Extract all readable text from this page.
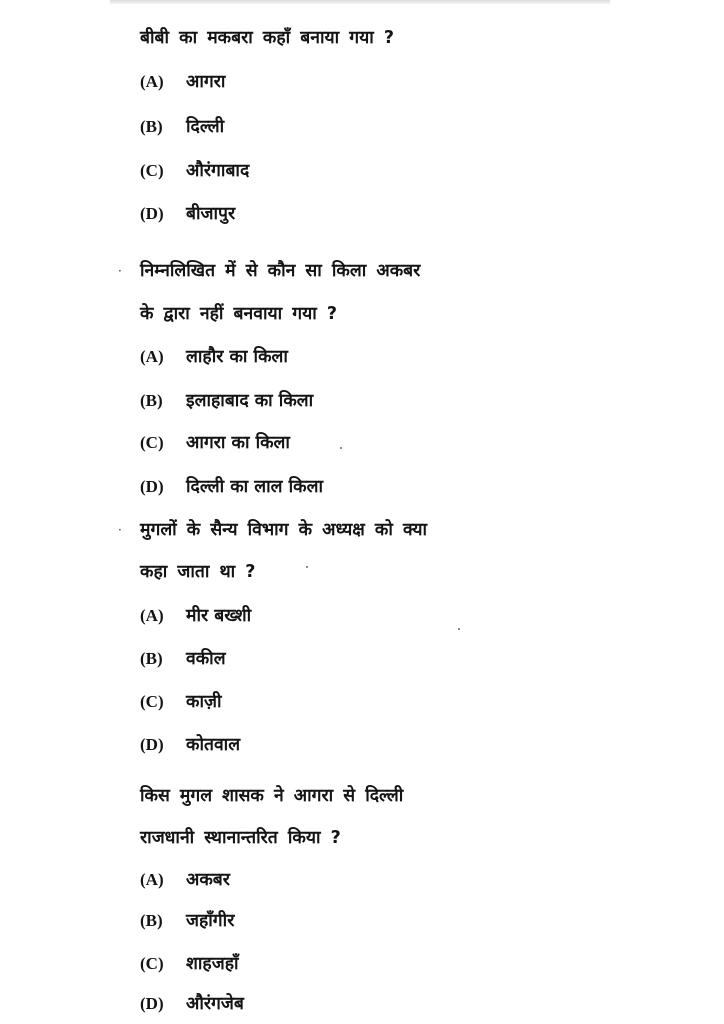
बीबी का मकबरा कहाँ बनाया गया ?
(A) आगरा
(B) दिल्ली
(C) औरंगाबाद
(D) बीजापुर
· निम्नलिखित में से कौन सा किला अकबर
के द्वारा नहीं बनवाया गया ?
(A) लाहौर का किला
(B) इलाहाबाद का किला
(C) आगरा का किला
(D) दिल्ली का लाल किला
· मुगलों के सैन्य विभाग के अध्यक्ष को क्या
कहा जाता था ?
(A) मीर बख्शी
(B) वकील
(C) काज़ी
(D) कोतवाल
किस मुगल शासक ने आगरा से दिल्ली
राजधानी स्थानान्तरित किया ?
(A) अकबर
(B) जहाँगीर
(C) शाहजहाँ
(D) औरंगजेब
